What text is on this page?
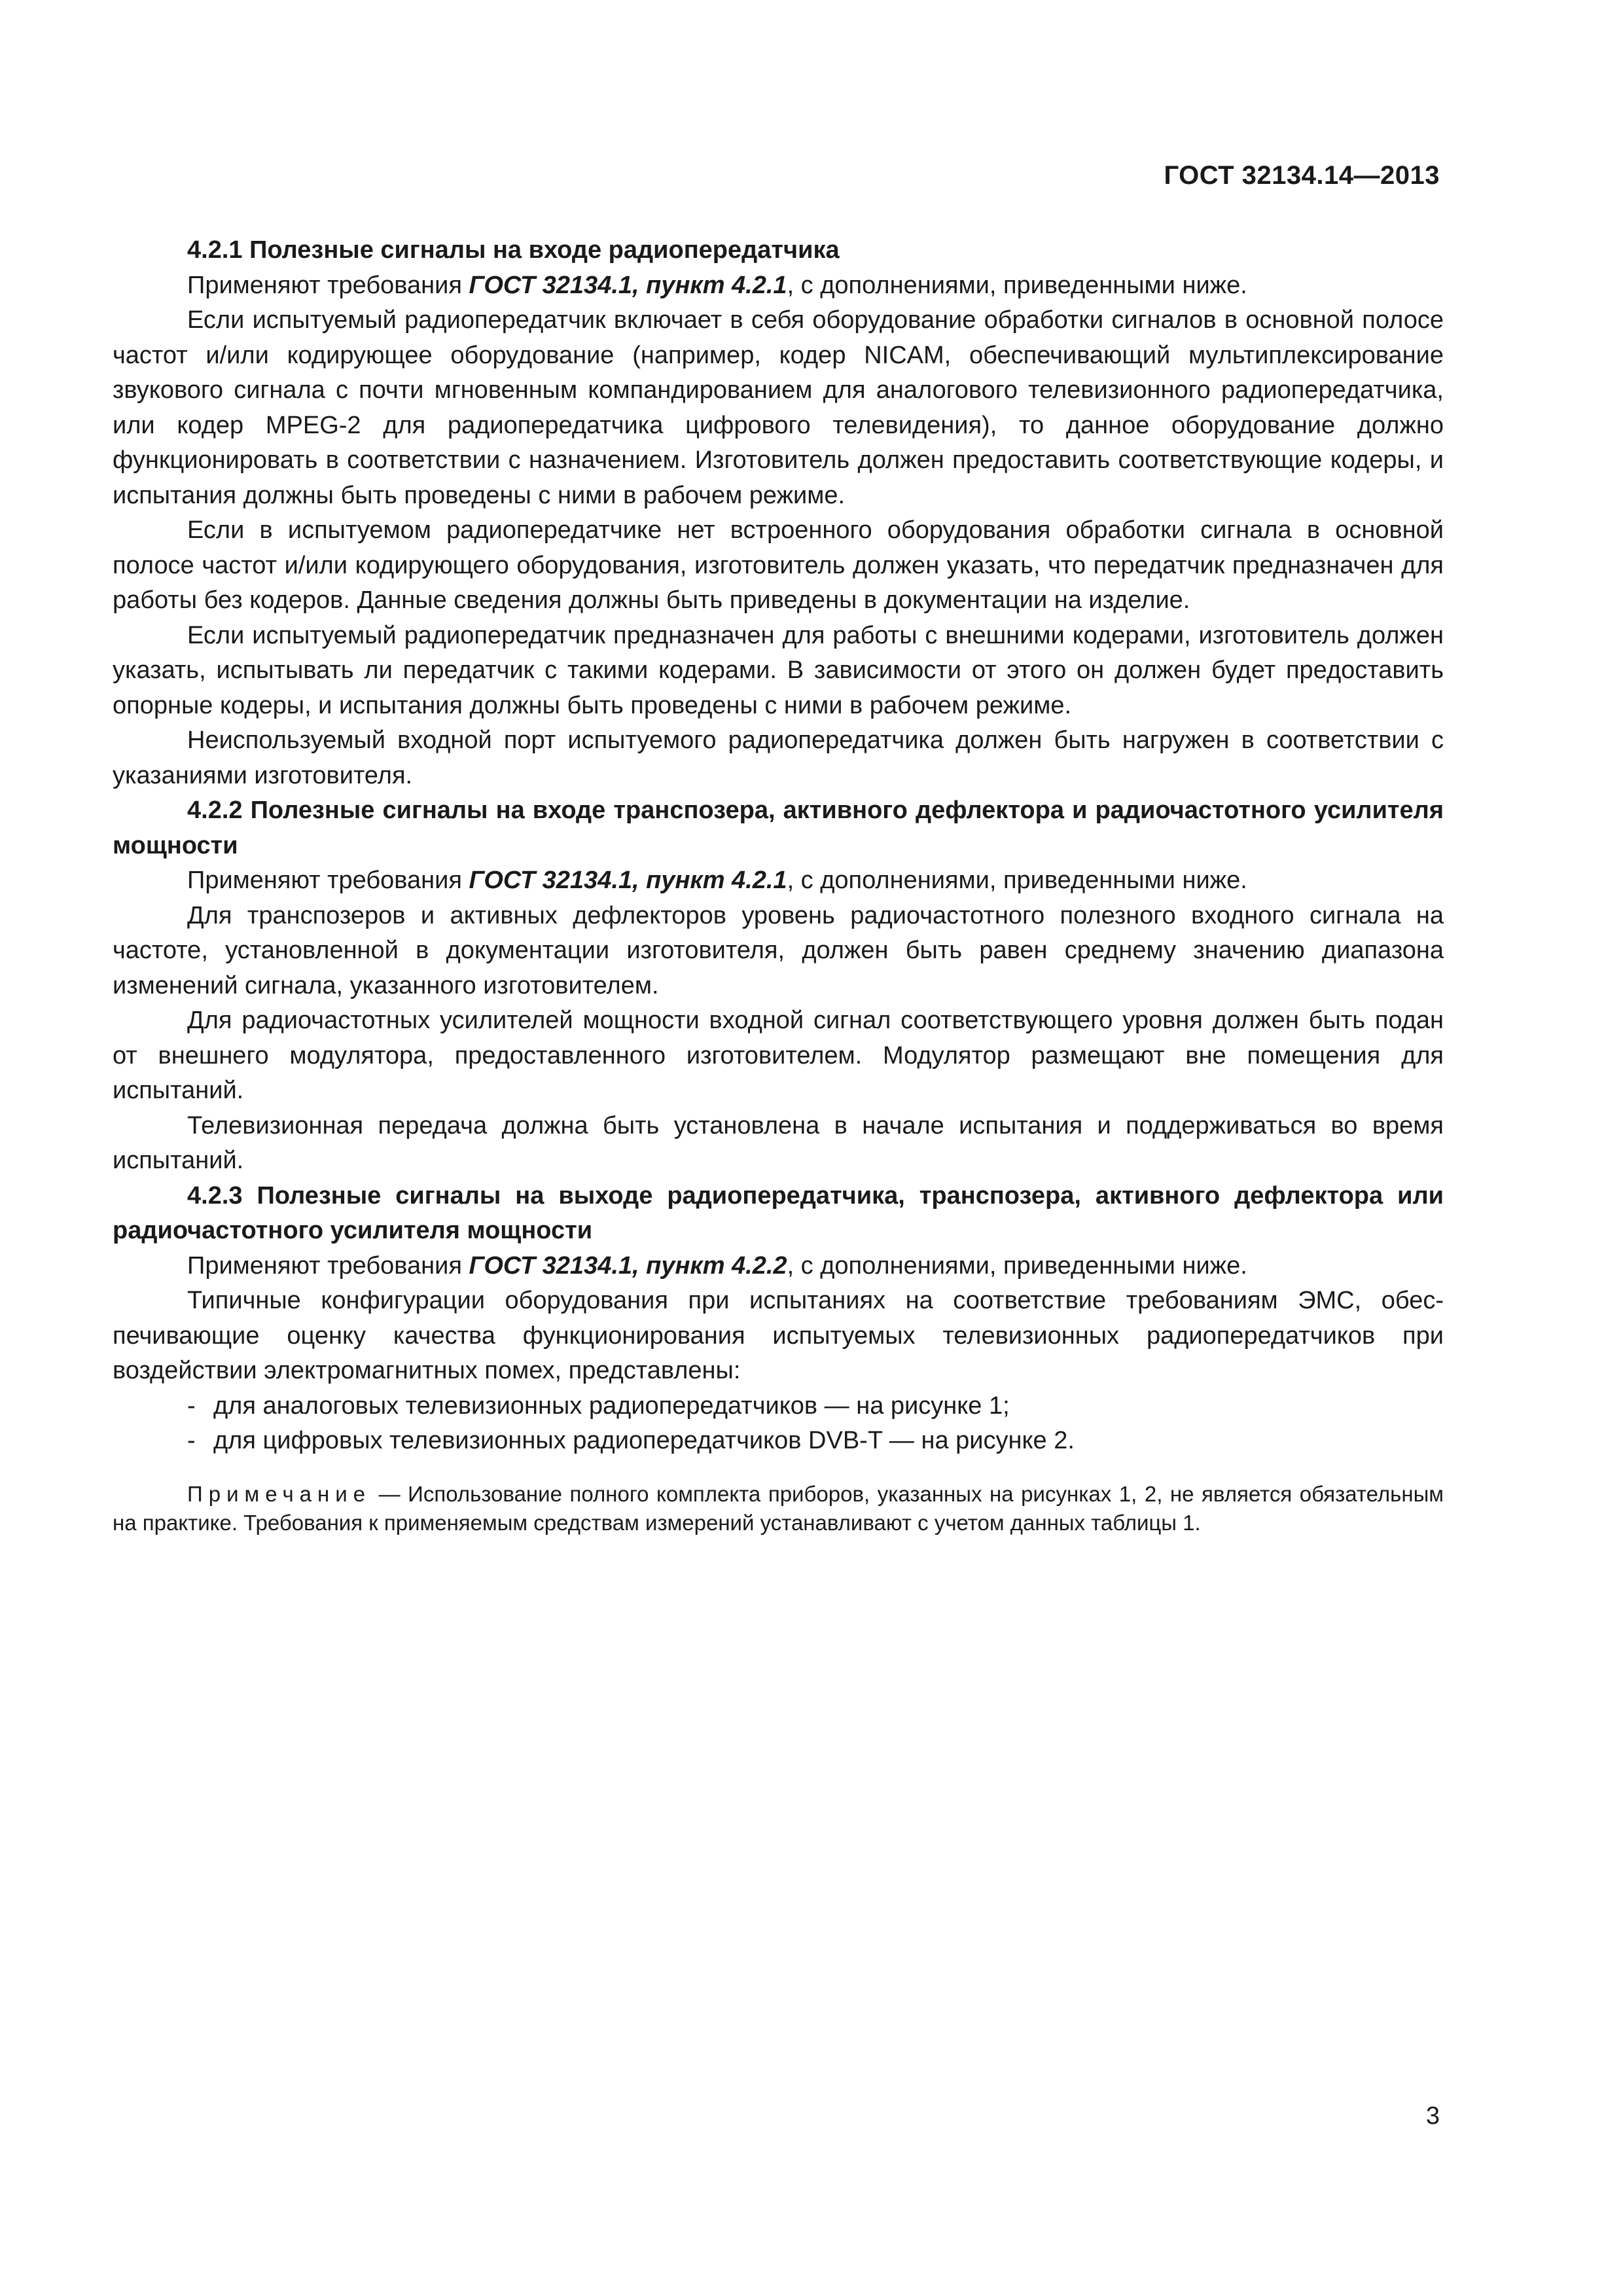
ГОСТ 32134.14—2013

4.2.1 Полезные сигналы на входе радиопередатчика

Применяют требования ГОСТ 32134.1, пункт 4.2.1, с дополнениями, приведенными ниже.

Если испытуемый радиопередатчик включает в себя оборудование обработки сигналов в основной полосе частот и/или кодирующее оборудование (например, кодер NICAM, обеспечивающий мультиплексирование звукового сигнала с почти мгновенным компандированием для аналогового телевизионного радиопередатчика, или кодер MPEG-2 для радиопередатчика цифрового телевидения), то данное оборудование должно функционировать в соответствии с назначением. Изготовитель должен предоставить соответствующие кодеры, и испытания должны быть проведены с ними в рабочем режиме.

Если в испытуемом радиопередатчике нет встроенного оборудования обработки сигнала в основной полосе частот и/или кодирующего оборудования, изготовитель должен указать, что передатчик предназначен для работы без кодеров. Данные сведения должны быть приведены в документации на изделие.

Если испытуемый радиопередатчик предназначен для работы с внешними кодерами, изготовитель должен указать, испытывать ли передатчик с такими кодерами. В зависимости от этого он должен будет предоставить опорные кодеры, и испытания должны быть проведены с ними в рабочем режиме.

Неиспользуемый входной порт испытуемого радиопередатчика должен быть нагружен в соответствии с указаниями изготовителя.

4.2.2 Полезные сигналы на входе транспозера, активного дефлектора и радиочастотного усилителя мощности

Применяют требования ГОСТ 32134.1, пункт 4.2.1, с дополнениями, приведенными ниже.

Для транспозеров и активных дефлекторов уровень радиочастотного полезного входного сигнала на частоте, установленной в документации изготовителя, должен быть равен среднему значению диапазона изменений сигнала, указанного изготовителем.

Для радиочастотных усилителей мощности входной сигнал соответствующего уровня должен быть подан от внешнего модулятора, предоставленного изготовителем. Модулятор размещают вне помещения для испытаний.

Телевизионная передача должна быть установлена в начале испытания и поддерживаться во время испытаний.

4.2.3 Полезные сигналы на выходе радиопередатчика, транспозера, активного дефлектора или радиочастотного усилителя мощности

Применяют требования ГОСТ 32134.1, пункт 4.2.2, с дополнениями, приведенными ниже.

Типичные конфигурации оборудования при испытаниях на соответствие требованиям ЭМС, обеспечивающие оценку качества функционирования испытуемых телевизионных радиопередатчиков при воздействии электромагнитных помех, представлены:

- для аналоговых телевизионных радиопередатчиков — на рисунке 1;

- для цифровых телевизионных радиопередатчиков DVB-T — на рисунке 2.

Примечание — Использование полного комплекта приборов, указанных на рисунках 1, 2, не является обязательным на практике. Требования к применяемым средствам измерений устанавливают с учетом данных таблицы 1.

3
